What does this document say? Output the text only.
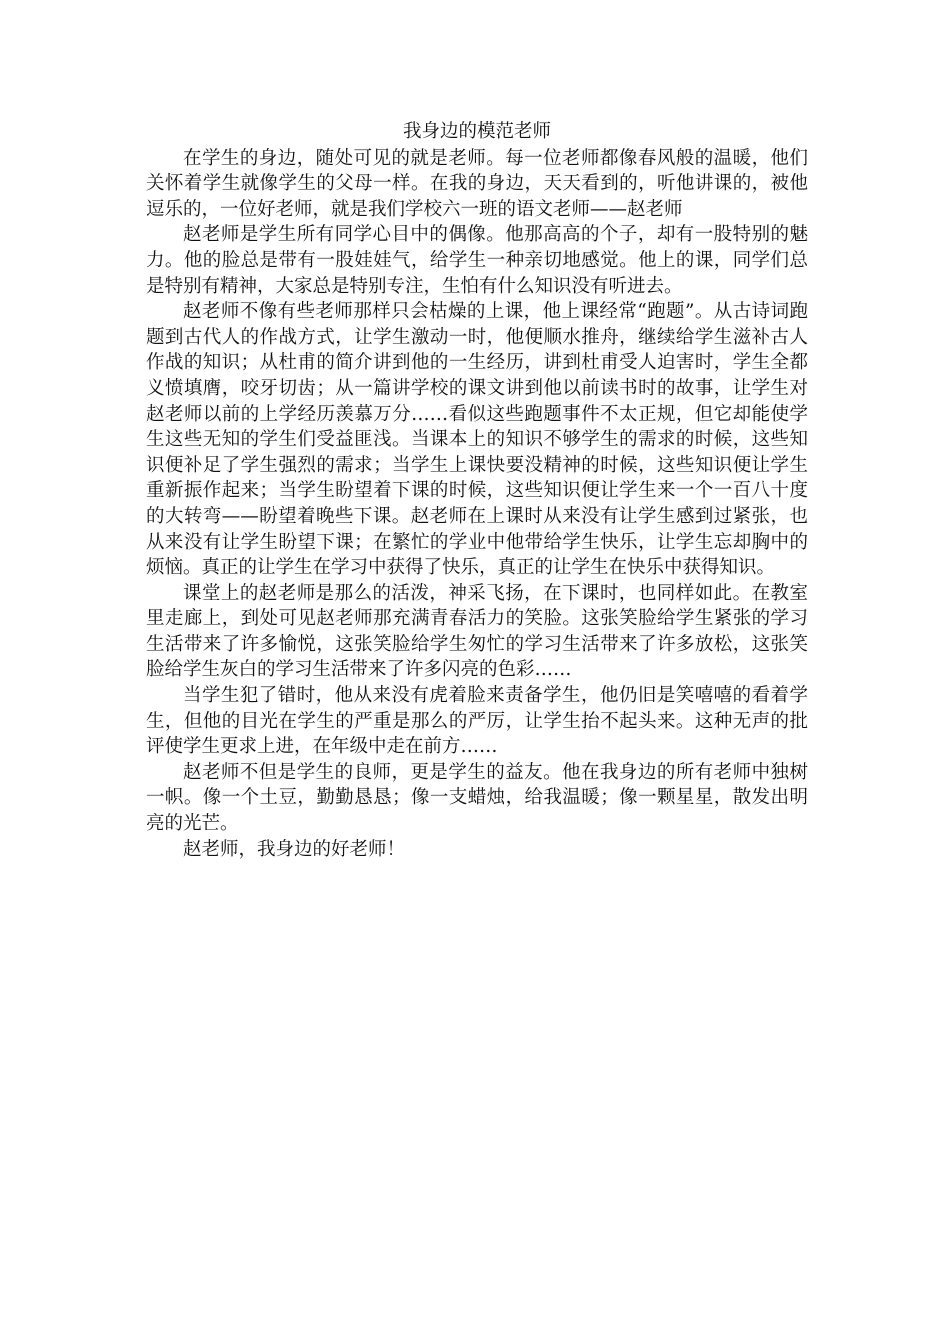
我身边的模范老师

在学生的身边，随处可见的就是老师。每一位老师都像春风般的温暖，他们关怀着学生就像学生的父母一样。在我的身边，天天看到的，听他讲课的，被他逗乐的，一位好老师，就是我们学校六一班的语文老师——赵老师

赵老师是学生所有同学心目中的偶像。他那高高的个子，却有一股特别的魅力。他的脸总是带有一股娃娃气，给学生一种亲切地感觉。他上的课，同学们总是特别有精神，大家总是特别专注，生怕有什么知识没有听进去。

赵老师不像有些老师那样只会枯燥的上课，他上课经常“跑题”。从古诗词跑题到古代人的作战方式，让学生激动一时，他便顺水推舟，继续给学生滋补古人作战的知识；从杜甫的简介讲到他的一生经历，讲到杜甫受人迫害时，学生全都义愤填膺，咬牙切齿；从一篇讲学校的课文讲到他以前读书时的故事，让学生对赵老师以前的上学经历羡慕万分……看似这些跑题事件不太正规，但它却能使学生这些无知的学生们受益匪浅。当课本上的知识不够学生的需求的时候，这些知识便补足了学生强烈的需求；当学生上课快要没精神的时候，这些知识便让学生重新振作起来；当学生盼望着下课的时候，这些知识便让学生来一个一百八十度的大转弯——盼望着晚些下课。赵老师在上课时从来没有让学生感到过紧张，也从来没有让学生盼望下课；在繁忙的学业中他带给学生快乐，让学生忘却胸中的烦恼。真正的让学生在学习中获得了快乐，真正的让学生在快乐中获得知识。

课堂上的赵老师是那么的活泼，神采飞扬，在下课时，也同样如此。在教室里走廊上，到处可见赵老师那充满青春活力的笑脸。这张笑脸给学生紧张的学习生活带来了许多愉悦，这张笑脸给学生匆忙的学习生活带来了许多放松，这张笑脸给学生灰白的学习生活带来了许多闪亮的色彩……

当学生犯了错时，他从来没有虎着脸来责备学生，他仍旧是笑嘻嘻的看着学生，但他的目光在学生的严重是那么的严厉，让学生抬不起头来。这种无声的批评使学生更求上进，在年级中走在前方……

赵老师不但是学生的良师，更是学生的益友。他在我身边的所有老师中独树一帜。像一个土豆，勤勤恳恳；像一支蜡烛，给我温暖；像一颗星星，散发出明亮的光芒。

赵老师，我身边的好老师！
